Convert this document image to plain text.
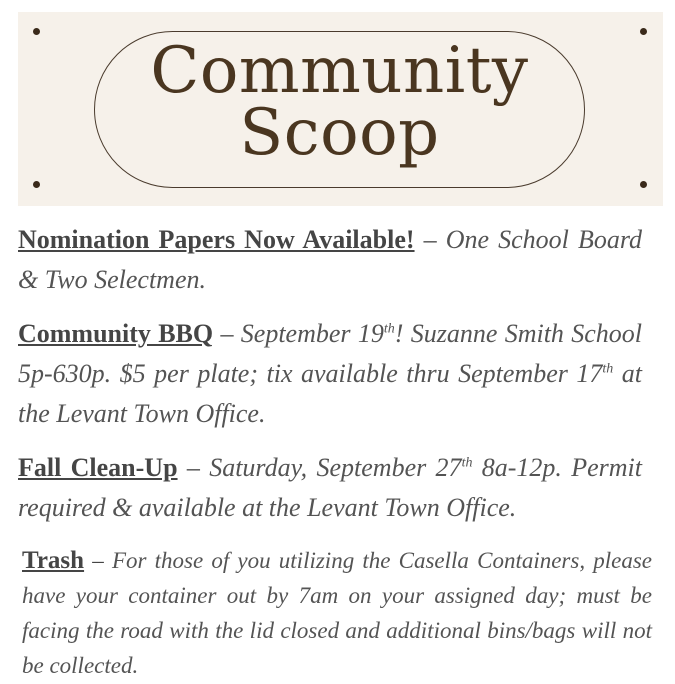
Community
Scoop
Nomination Papers Now Available! – One School Board & Two Selectmen.
Community BBQ – September 19th! Suzanne Smith School 5p-630p. $5 per plate; tix available thru September 17th at the Levant Town Office.
Fall Clean-Up – Saturday, September 27th 8a-12p. Permit required & available at the Levant Town Office.
Trash – For those of you utilizing the Casella Containers, please have your container out by 7am on your assigned day; must be facing the road with the lid closed and additional bins/bags will not be collected.
